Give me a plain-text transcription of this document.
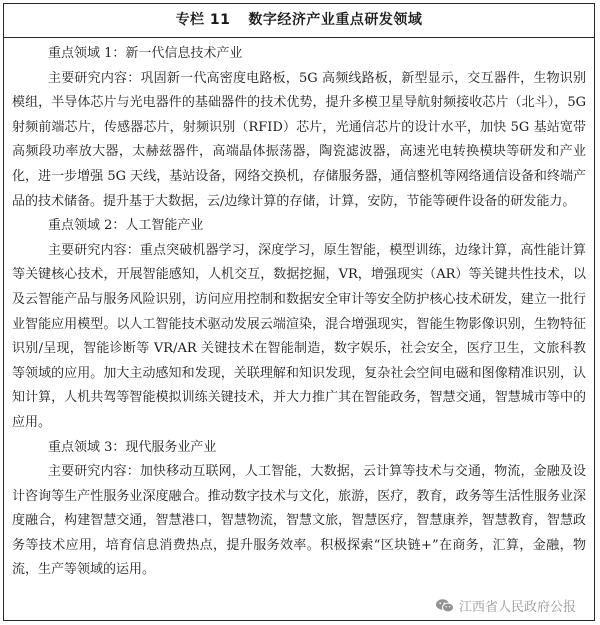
专栏 11 数字经济产业重点研发领域

重点领域 1：新一代信息技术产业

主要研究内容：巩固新一代高密度电路板，5G 高频线路板，新型显示，交互器件，生物识别模组，半导体芯片与光电器件的基础器件的技术优势，提升多模卫星导航射频接收芯片（北斗），5G 射频前端芯片，传感器芯片，射频识别（RFID）芯片，光通信芯片的设计水平，加快 5G 基站宽带高频段功率放大器，太赫兹器件，高端晶体振荡器，陶瓷滤波器，高速光电转换模块等研发和产业化，进一步增强 5G 天线，基站设备，网络交换机，存储服务器，通信整机等网络通信设备和终端产品的技术储备。提升基于大数据，云/边缘计算的存储，计算，安防，节能等硬件设备的研发能力。

重点领域 2：人工智能产业

主要研究内容：重点突破机器学习，深度学习，原生智能，模型训练，边缘计算，高性能计算等关键核心技术，开展智能感知，人机交互，数据挖掘，VR，增强现实（AR）等关键共性技术，以及云智能产品与服务风险识别，访问应用控制和数据安全审计等安全防护核心技术研发，建立一批行业智能应用模型。以人工智能技术驱动发展云端渲染，混合增强现实，智能生物影像识别，生物特征识别/呈现，智能诊断等 VR/AR 关键技术在智能制造，数字娱乐，社会安全，医疗卫生，文旅科教等领域的应用。加大主动感知和发现，关联理解和知识发现，复杂社会空间电磁和图像精准识别，认知计算，人机共驾等智能模拟训练关键技术，并大力推广其在智能政务，智慧交通，智慧城市等中的应用。

重点领域 3：现代服务业产业

主要研究内容：加快移动互联网，人工智能，大数据，云计算等技术与交通，物流，金融及设计咨询等生产性服务业深度融合。推动数字技术与文化，旅游，医疗，教育，政务等生活性服务业深度融合，构建智慧交通，智慧港口，智慧物流，智慧文旅，智慧医疗，智慧康养，智慧教育，智慧政务等技术应用，培育信息消费热点，提升服务效率。积极探索“区块链+”在商务，汇算，金融，物流，生产等领域的运用。

江西省人民政府公报
